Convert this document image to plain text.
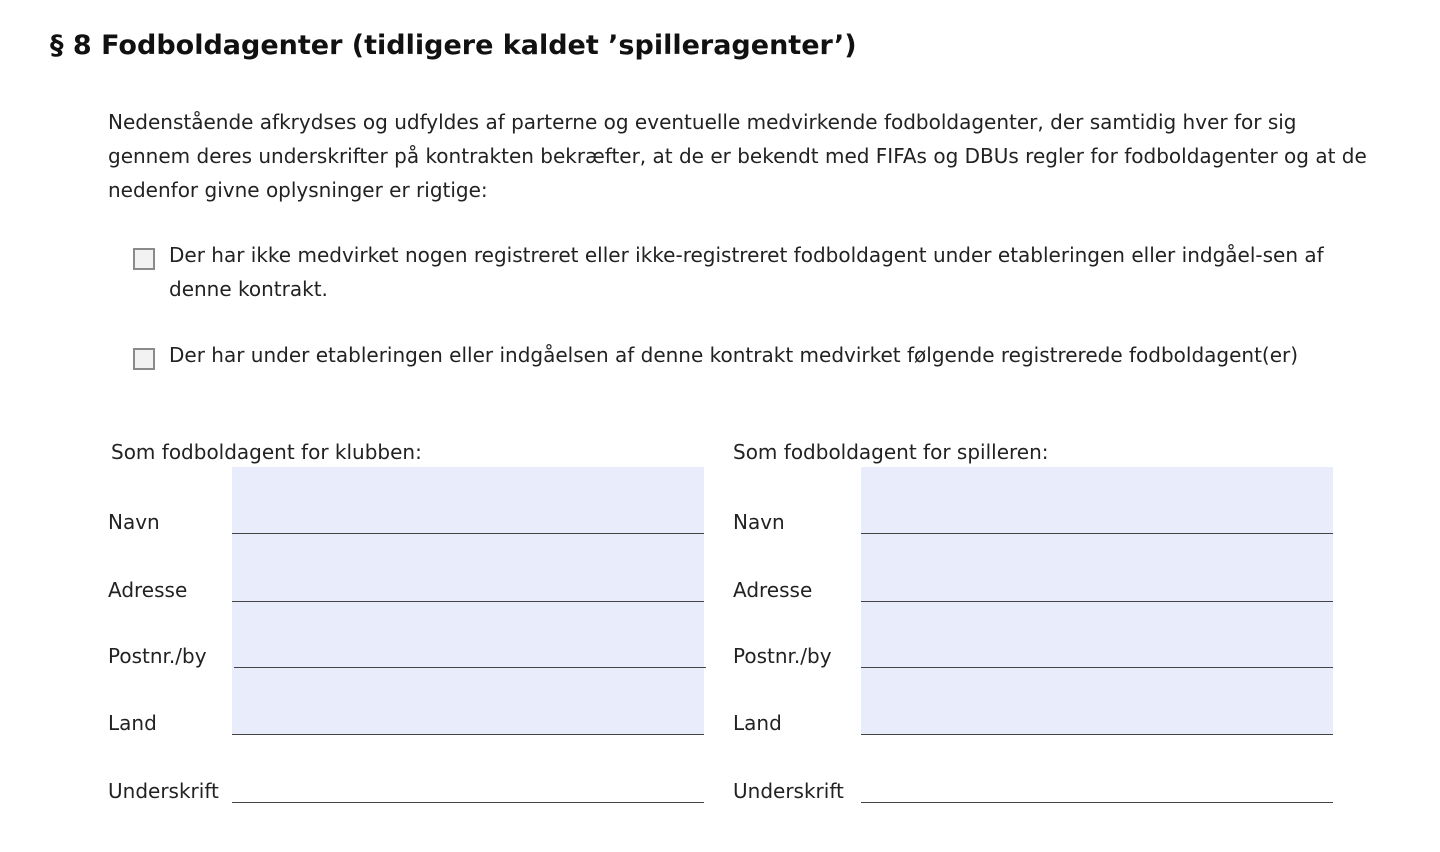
§ 8 Fodboldagenter (tidligere kaldet ’spilleragenter’)

Nedenstående afkrydses og udfyldes af parterne og eventuelle medvirkende fodboldagenter, der samtidig hver for sig gennem deres underskrifter på kontrakten bekræfter, at de er bekendt med FIFAs og DBUs regler for fodboldagenter og at de nedenfor givne oplysninger er rigtige:

Der har ikke medvirket nogen registreret eller ikke-registreret fodboldagent under etableringen eller indgåel-sen af denne kontrakt.
Der har under etableringen eller indgåelsen af denne kontrakt medvirket følgende registrerede fodboldagent(er)
Som fodboldagent for klubben:
Navn
Adresse
Postnr./by
Land
Underskrift
Som fodboldagent for spilleren:
Navn
Adresse
Postnr./by
Land
Underskrift
